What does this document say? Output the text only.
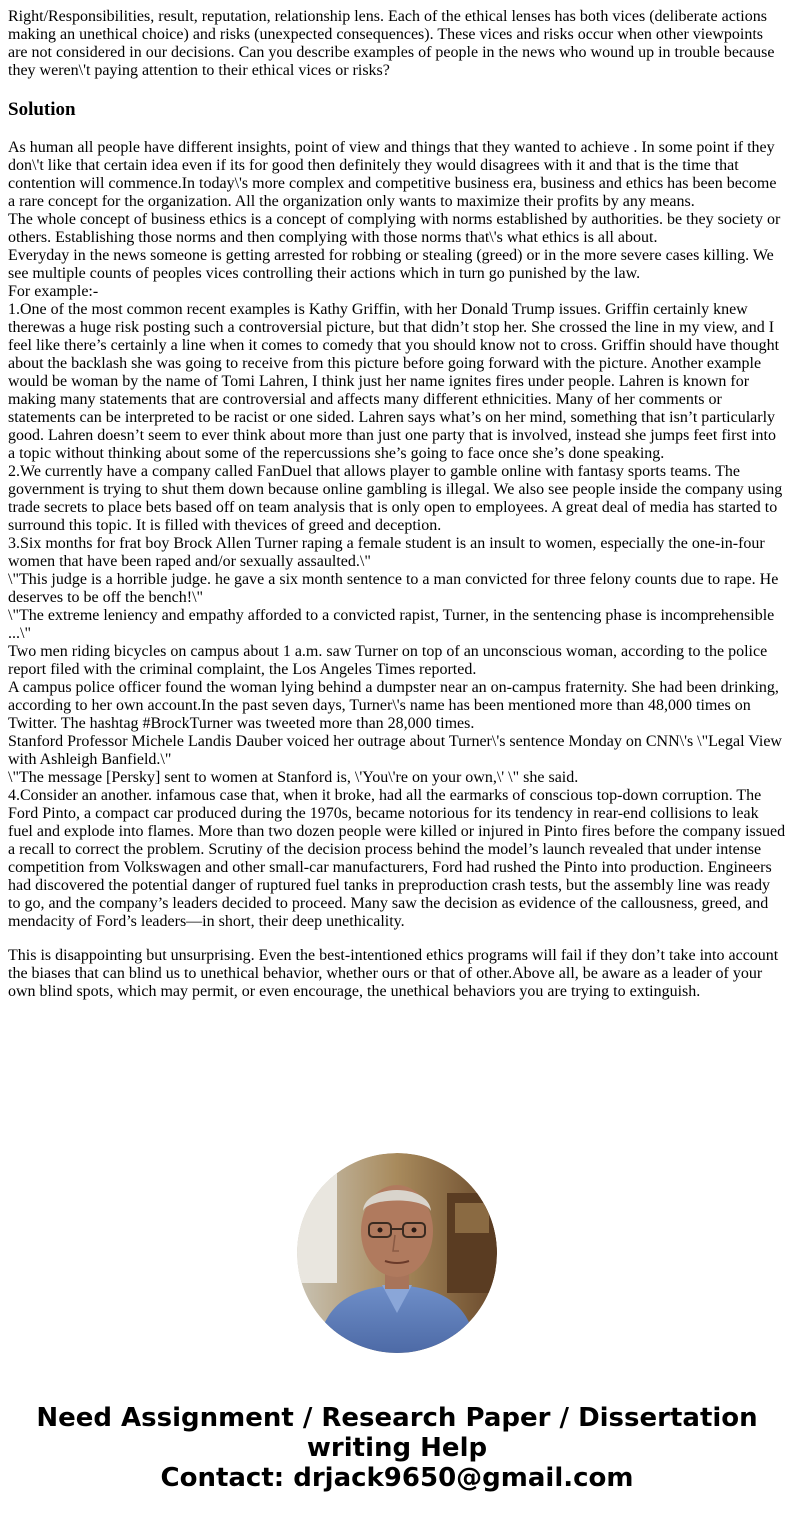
Right/Responsibilities, result, reputation, relationship lens. Each of the ethical lenses has both vices (deliberate actions making an unethical choice) and risks (unexpected consequences). These vices and risks occur when other viewpoints are not considered in our decisions. Can you describe examples of people in the news who wound up in trouble because they weren\'t paying attention to their ethical vices or risks?

Solution
As human all people have different insights, point of view and things that they wanted to achieve . In some point if they don\'t like that certain idea even if its for good then definitely they would disagrees with it and that is the time that contention will commence.In today\'s more complex and competitive business era, business and ethics has been become a rare concept for the organization. All the organization only wants to maximize their profits by any means.
The whole concept of business ethics is a concept of complying with norms established by authorities. be they society or others. Establishing those norms and then complying with those norms that\'s what ethics is all about.
Everyday in the news someone is getting arrested for robbing or stealing (greed) or in the more severe cases killing. We see multiple counts of peoples vices controlling their actions which in turn go punished by the law.
For example:-
1.One of the most common recent examples is Kathy Griffin, with her Donald Trump issues. Griffin certainly knew therewas a huge risk posting such a controversial picture, but that didn’t stop her. She crossed the line in my view, and I feel like there’s certainly a line when it comes to comedy that you should know not to cross. Griffin should have thought about the backlash she was going to receive from this picture before going forward with the picture. Another example would be woman by the name of Tomi Lahren, I think just her name ignites fires under people. Lahren is known for making many statements that are controversial and affects many different ethnicities. Many of her comments or statements can be interpreted to be racist or one sided. Lahren says what’s on her mind, something that isn’t particularly good. Lahren doesn’t seem to ever think about more than just one party that is involved, instead she jumps feet first into a topic without thinking about some of the repercussions she’s going to face once she’s done speaking.
2.We currently have a company called FanDuel that allows player to gamble online with fantasy sports teams. The government is trying to shut them down because online gambling is illegal. We also see people inside the company using trade secrets to place bets based off on team analysis that is only open to employees. A great deal of media has started to surround this topic. It is filled with thevices of greed and deception.
3.Six months for frat boy Brock Allen Turner raping a female student is an insult to women, especially the one-in-four women that have been raped and/or sexually assaulted.\"
\"This judge is a horrible judge. he gave a six month sentence to a man convicted for three felony counts due to rape. He deserves to be off the bench!\"
\"The extreme leniency and empathy afforded to a convicted rapist, Turner, in the sentencing phase is incomprehensible ...\"
Two men riding bicycles on campus about 1 a.m. saw Turner on top of an unconscious woman, according to the police report filed with the criminal complaint, the Los Angeles Times reported.
A campus police officer found the woman lying behind a dumpster near an on-campus fraternity. She had been drinking, according to her own account.In the past seven days, Turner\'s name has been mentioned more than 48,000 times on Twitter. The hashtag #BrockTurner was tweeted more than 28,000 times.
Stanford Professor Michele Landis Dauber voiced her outrage about Turner\'s sentence Monday on CNN\'s \"Legal View with Ashleigh Banfield.\"
\"The message [Persky] sent to women at Stanford is, \'You\'re on your own,\' \" she said.
4.Consider an another. infamous case that, when it broke, had all the earmarks of conscious top-down corruption. The Ford Pinto, a compact car produced during the 1970s, became notorious for its tendency in rear-end collisions to leak fuel and explode into flames. More than two dozen people were killed or injured in Pinto fires before the company issued a recall to correct the problem. Scrutiny of the decision process behind the model’s launch revealed that under intense competition from Volkswagen and other small-car manufacturers, Ford had rushed the Pinto into production. Engineers had discovered the potential danger of ruptured fuel tanks in preproduction crash tests, but the assembly line was ready to go, and the company’s leaders decided to proceed. Many saw the decision as evidence of the callousness, greed, and mendacity of Ford’s leaders—in short, their deep unethicality.

This is disappointing but unsurprising. Even the best-intentioned ethics programs will fail if they don’t take into account the biases that can blind us to unethical behavior, whether ours or that of other.Above all, be aware as a leader of your own blind spots, which may permit, or even encourage, the unethical behaviors you are trying to extinguish.

Need Assignment / Research Paper / Dissertation
writing Help
Contact: drjack9650@gmail.com
